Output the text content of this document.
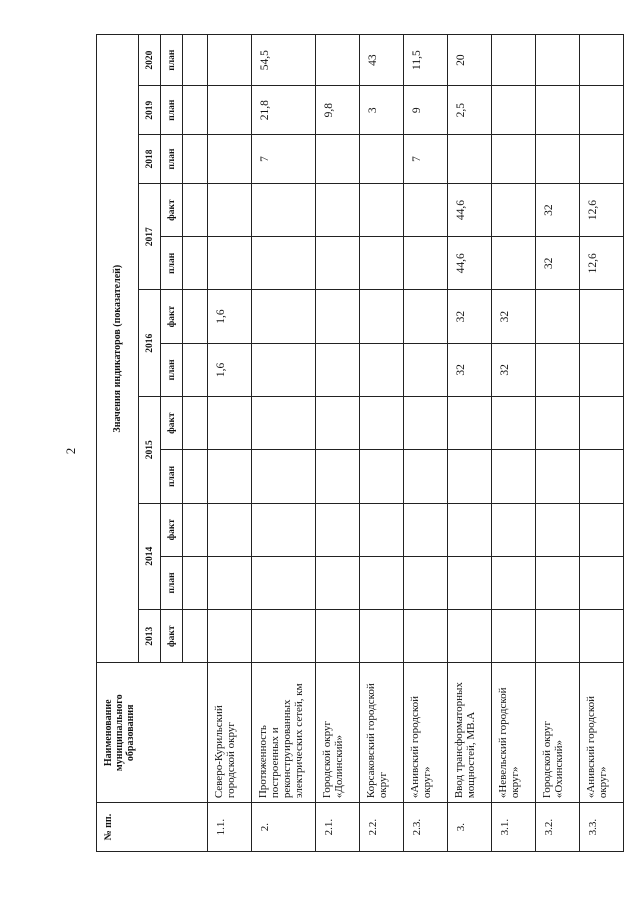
2
№ пп.	Наименование муниципального образования	Значения индикаторов (показателей)											
		2013	2014		2015		2016		2017		2018	2019	2020
		факт	план	факт	план	факт	план	факт	план	факт	план	план	план

1.1.	Северо-Курильский городской округ						1,6	1,6					
2.	Протяженность построенных и реконструированных электрических сетей, км										7	21,8	54,5
2.1.	Городской округ «Долинский»											9,8	
2.2.	Корсаковский городской округ											3	43
2.3.	«Анивский городской округ»										7	9	11,5
3.	Ввод трансформаторных мощностей, МВ.А						32	32	44,6	44,6		2,5	20
3.1.	«Невельский городской округ»						32	32					
3.2.	Городской округ «Охинский»								32	32			
3.3.	«Анивский городской округ»								12,6	12,6			
